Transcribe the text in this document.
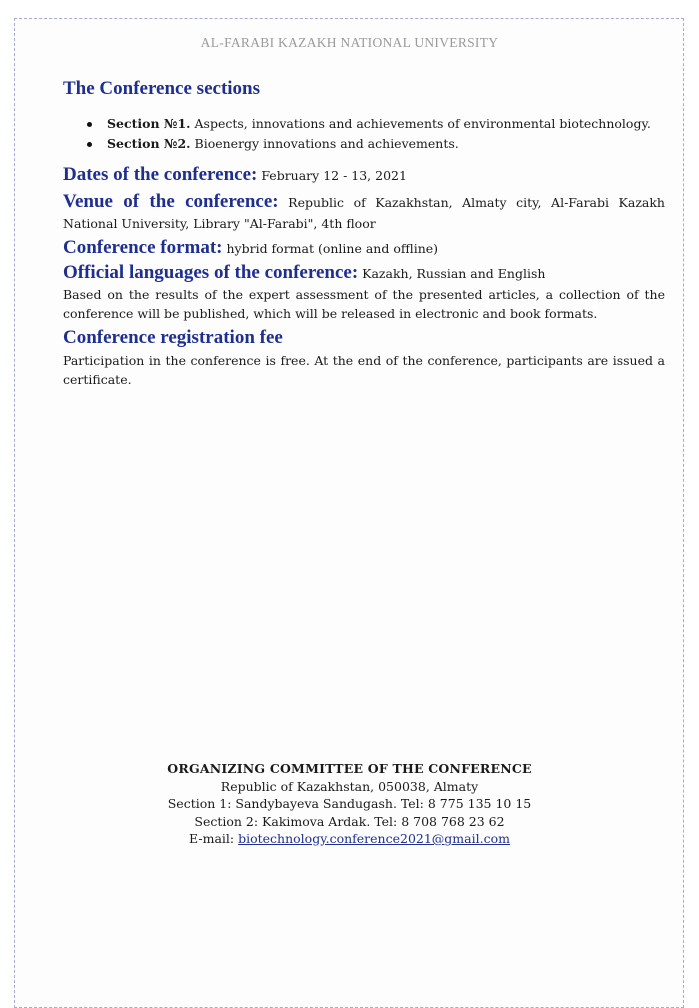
AL-FARABI KAZAKH NATIONAL UNIVERSITY
The Conference sections
Section №1. Aspects, innovations and achievements of environmental biotechnology.
Section №2. Bioenergy innovations and achievements.

Dates of the conference: February 12 - 13, 2021

Venue of the conference: Republic of Kazakhstan, Almaty city, Al-Farabi Kazakh

National University, Library "Al-Farabi", 4th floor

Conference format: hybrid format (online and offline)

Official languages of the conference: Kazakh, Russian and English

Based on the results of the expert assessment of the presented articles, a collection of the conference will be published, which will be released in electronic and book formats.

Conference registration fee

Participation in the conference is free. At the end of the conference, participants are issued a certificate.

ORGANIZING COMMITTEE OF THE CONFERENCE
Republic of Kazakhstan, 050038, Almaty
Section 1: Sandybayeva Sandugash. Tel: 8 775 135 10 15
Section 2: Kakimova Ardak. Tel: 8 708 768 23 62
E-mail: biotechnology.conference2021@gmail.com
